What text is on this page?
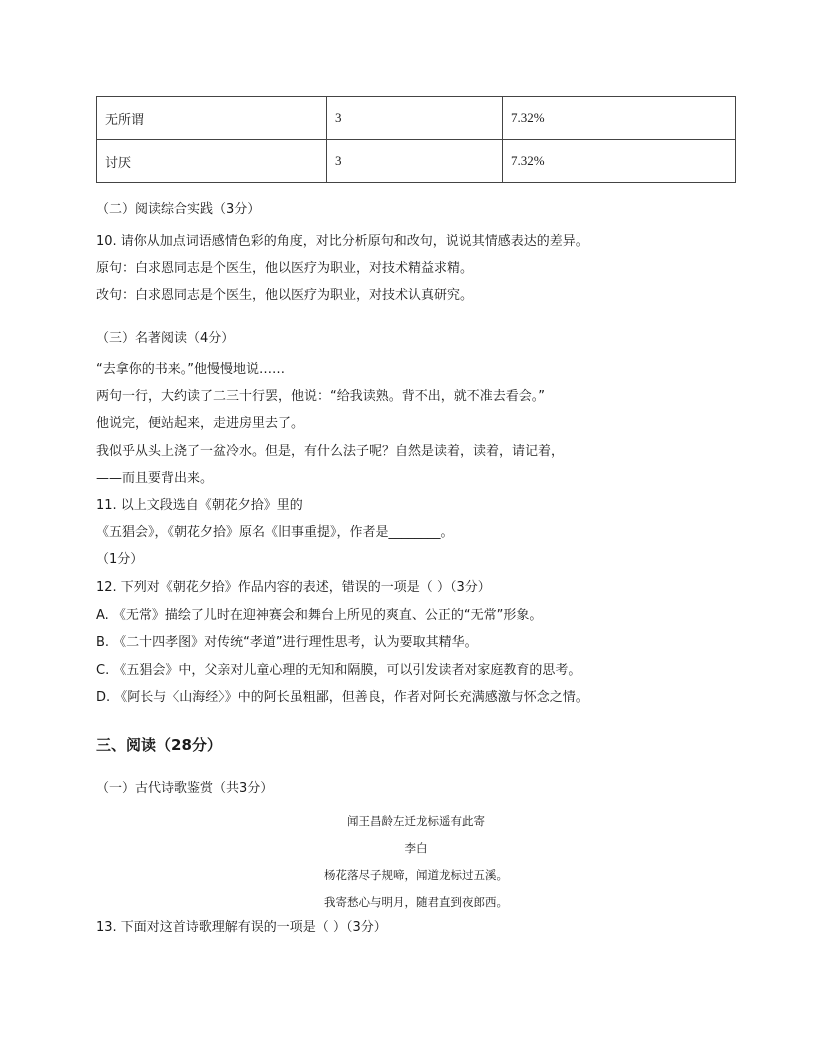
无所谓	3	7.32%
讨厌	3	7.32%

（二）阅读综合实践（3分）

10. 请你从加点词语感情色彩的角度，对比分析原句和改句，说说其情感表达的差异。

原句：白求恩同志是个医生，他以医疗为职业，对技术精益求精。

改句：白求恩同志是个医生，他以医疗为职业，对技术认真研究。

（三）名著阅读（4分）

“去拿你的书来。”他慢慢地说……

两句一行，大约读了二三十行罢，他说：“给我读熟。背不出，就不准去看会。”

他说完，便站起来，走进房里去了。

我似乎从头上浇了一盆冷水。但是，有什么法子呢？自然是读着，读着，请记着，

——而且要背出来。

11. 以上文段选自《朝花夕拾》里的

《五猖会》，《朝花夕拾》原名《旧事重提》，作者是________。

（1分）

12. 下列对《朝花夕拾》作品内容的表述，错误的一项是（ ）（3分）

A. 《无常》描绘了儿时在迎神赛会和舞台上所见的爽直、公正的“无常”形象。

B. 《二十四孝图》对传统“孝道”进行理性思考，认为要取其精华。

C. 《五猖会》中，父亲对儿童心理的无知和隔膜，可以引发读者对家庭教育的思考。

D. 《阿长与〈山海经〉》中的阿长虽粗鄙，但善良，作者对阿长充满感激与怀念之情。

三、阅读（28分）

（一）古代诗歌鉴赏（共3分）

闻王昌龄左迁龙标遥有此寄

李白

杨花落尽子规啼，闻道龙标过五溪。

我寄愁心与明月，随君直到夜郎西。

13. 下面对这首诗歌理解有误的一项是（ ）（3分）
